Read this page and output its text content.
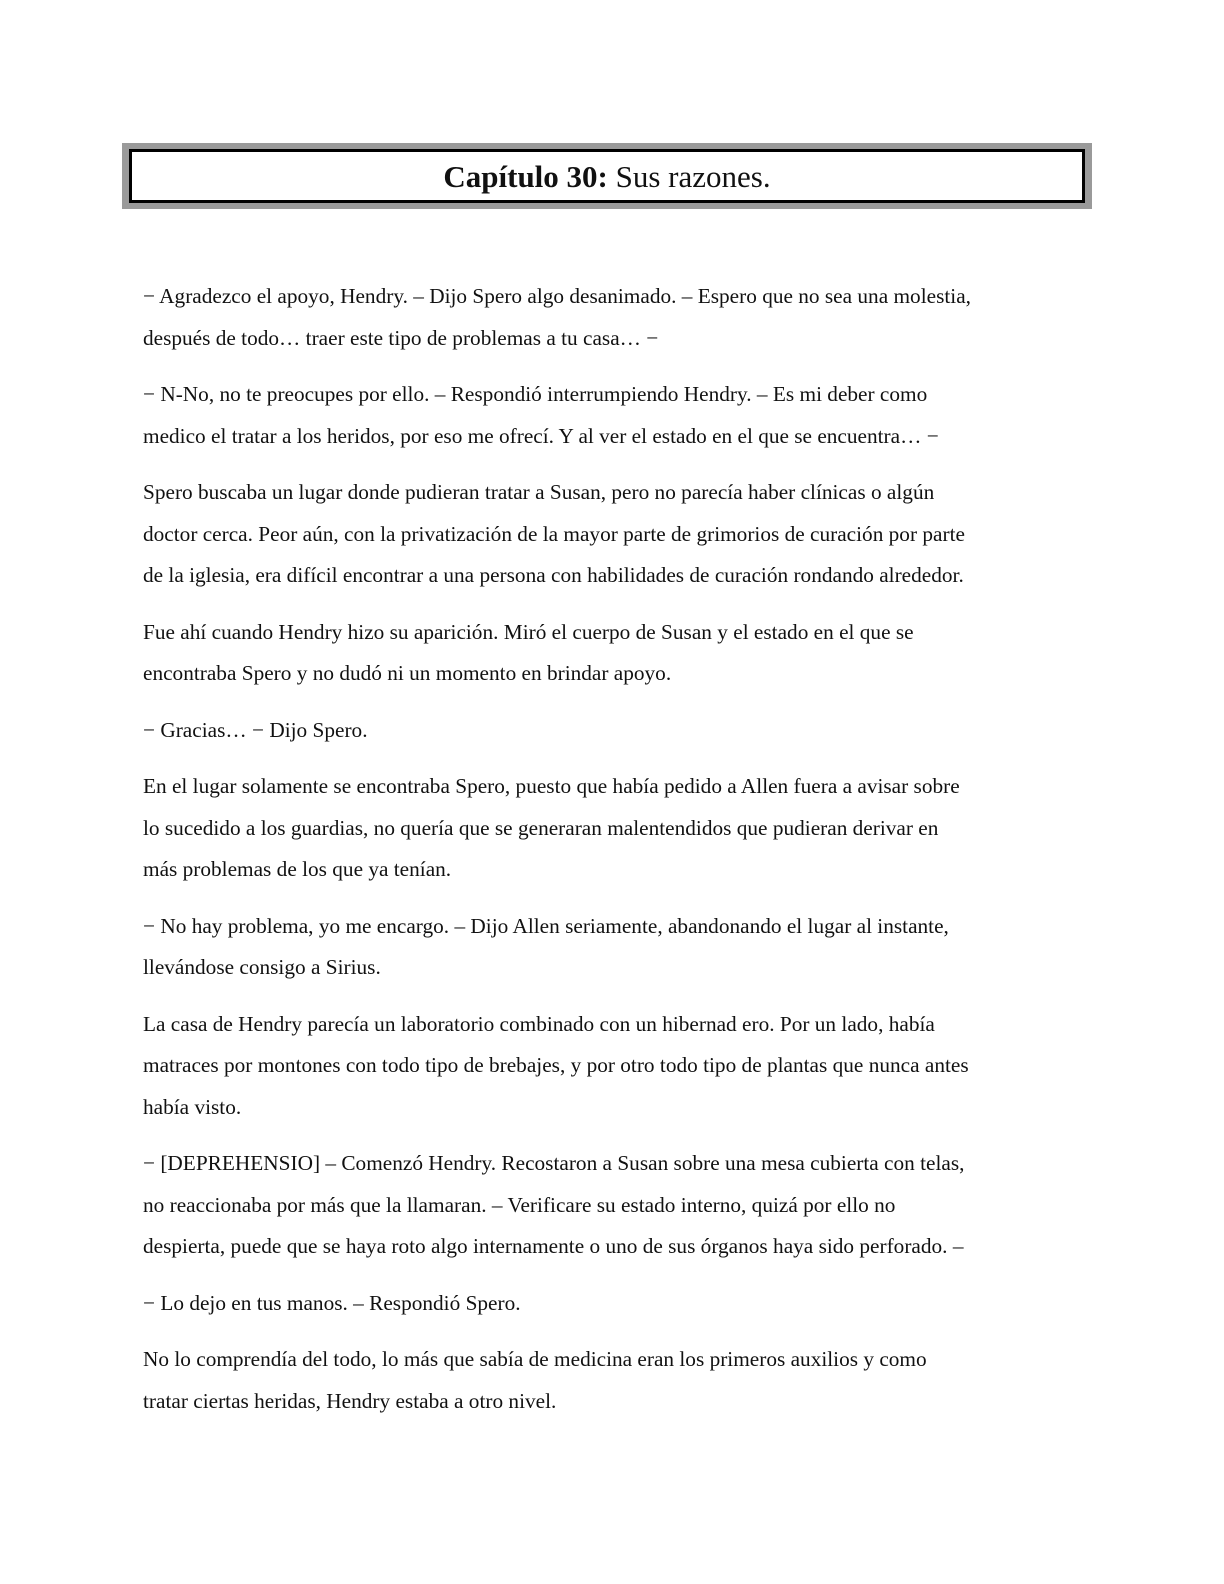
Capítulo 30: Sus razones.

− Agradezco el apoyo, Hendry. – Dijo Spero algo desanimado. – Espero que no sea una molestia,
después de todo… traer este tipo de problemas a tu casa… −

− N-No, no te preocupes por ello. – Respondió interrumpiendo Hendry. – Es mi deber como
medico el tratar a los heridos, por eso me ofrecí. Y al ver el estado en el que se encuentra… −

Spero buscaba un lugar donde pudieran tratar a Susan, pero no parecía haber clínicas o algún
doctor cerca. Peor aún, con la privatización de la mayor parte de grimorios de curación por parte
de la iglesia, era difícil encontrar a una persona con habilidades de curación rondando alrededor.

Fue ahí cuando Hendry hizo su aparición. Miró el cuerpo de Susan y el estado en el que se
encontraba Spero y no dudó ni un momento en brindar apoyo.

− Gracias… − Dijo Spero.

En el lugar solamente se encontraba Spero, puesto que había pedido a Allen fuera a avisar sobre
lo sucedido a los guardias, no quería que se generaran malentendidos que pudieran derivar en
más problemas de los que ya tenían.

− No hay problema, yo me encargo. – Dijo Allen seriamente, abandonando el lugar al instante,
llevándose consigo a Sirius.

La casa de Hendry parecía un laboratorio combinado con un hibernad ero. Por un lado, había
matraces por montones con todo tipo de brebajes, y por otro todo tipo de plantas que nunca antes
había visto.

− [DEPREHENSIO] – Comenzó Hendry. Recostaron a Susan sobre una mesa cubierta con telas,
no reaccionaba por más que la llamaran. – Verificare su estado interno, quizá por ello no
despierta, puede que se haya roto algo internamente o uno de sus órganos haya sido perforado. –

− Lo dejo en tus manos. – Respondió Spero.

No lo comprendía del todo, lo más que sabía de medicina eran los primeros auxilios y como
tratar ciertas heridas, Hendry estaba a otro nivel.
